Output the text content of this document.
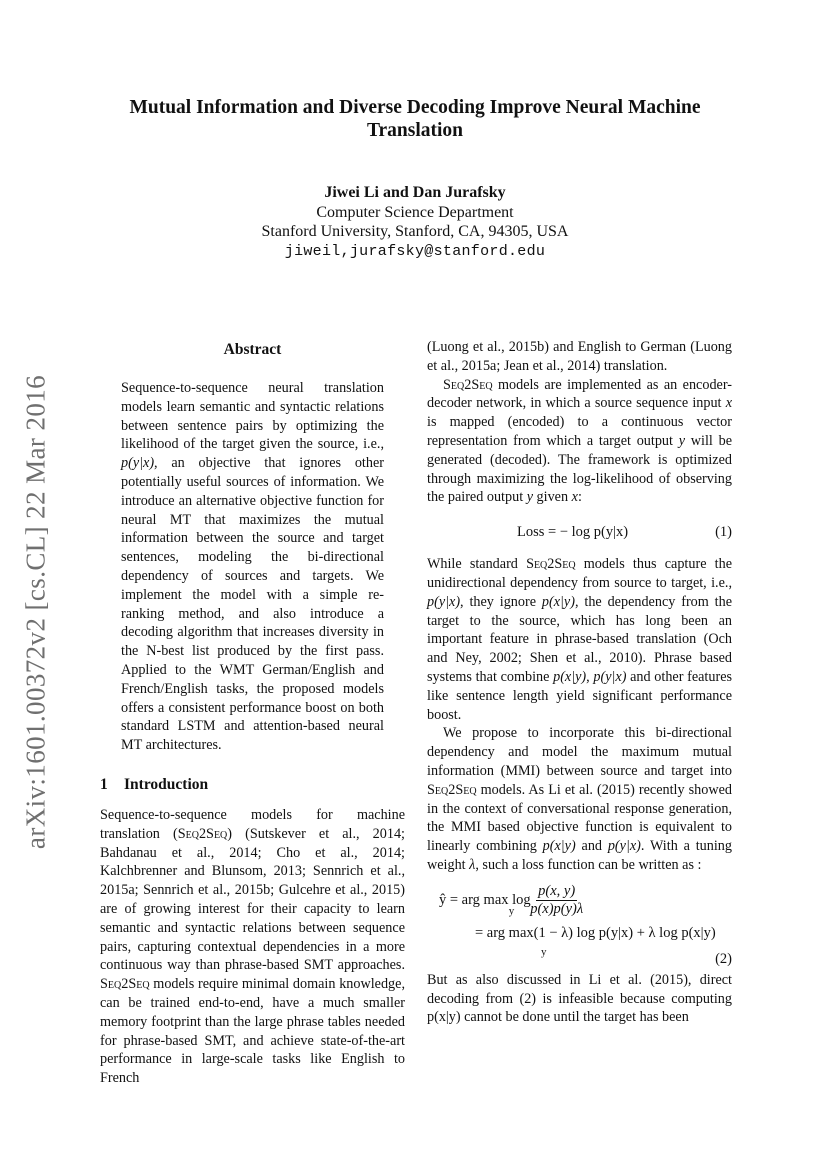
arXiv:1601.00372v2 [cs.CL] 22 Mar 2016
Mutual Information and Diverse Decoding Improve Neural Machine Translation
Jiwei Li and Dan Jurafsky
Computer Science Department
Stanford University, Stanford, CA, 94305, USA
jiweil,jurafsky@stanford.edu
Abstract

Sequence-to-sequence neural translation models learn semantic and syntactic relations between sentence pairs by optimizing the likelihood of the target given the source, i.e., p(y|x), an objective that ignores other potentially useful sources of information. We introduce an alternative objective function for neural MT that maximizes the mutual information between the source and target sentences, modeling the bi-directional dependency of sources and targets. We implement the model with a simple re-ranking method, and also introduce a decoding algorithm that increases diversity in the N-best list produced by the first pass. Applied to the WMT German/English and French/English tasks, the proposed models offers a consistent performance boost on both standard LSTM and attention-based neural MT architectures.

1 Introduction

Sequence-to-sequence models for machine translation (Seq2Seq) (Sutskever et al., 2014; Bahdanau et al., 2014; Cho et al., 2014; Kalchbrenner and Blunsom, 2013; Sennrich et al., 2015a; Sennrich et al., 2015b; Gulcehre et al., 2015) are of growing interest for their capacity to learn semantic and syntactic relations between sequence pairs, capturing contextual dependencies in a more continuous way than phrase-based SMT approaches. Seq2Seq models require minimal domain knowledge, can be trained end-to-end, have a much smaller memory footprint than the large phrase tables needed for phrase-based SMT, and achieve state-of-the-art performance in large-scale tasks like English to French

(Luong et al., 2015b) and English to German (Luong et al., 2015a; Jean et al., 2014) translation.

Seq2Seq models are implemented as an encoder-decoder network, in which a source sequence input x is mapped (encoded) to a continuous vector representation from which a target output y will be generated (decoded). The framework is optimized through maximizing the log-likelihood of observing the paired output y given x:

Loss = − log p(y|x)	(1)

While standard Seq2Seq models thus capture the unidirectional dependency from source to target, i.e., p(y|x), they ignore p(x|y), the dependency from the target to the source, which has long been an important feature in phrase-based translation (Och and Ney, 2002; Shen et al., 2010). Phrase based systems that combine p(x|y), p(y|x) and other features like sentence length yield significant performance boost.

We propose to incorporate this bi-directional dependency and model the maximum mutual information (MMI) between source and target into Seq2Seq models. As Li et al. (2015) recently showed in the context of conversational response generation, the MMI based objective function is equivalent to linearly combining p(x|y) and p(y|x). With a tuning weight λ, such a loss function can be written as :

ŷ = arg max log
y $\frac{p(x, y)}{p(x)p(y)\lambda}$
= arg max(1 − λ) log p(y|x) + λ log p(x|y)
y	(2)

But as also discussed in Li et al. (2015), direct decoding from (2) is infeasible because computing p(x|y) cannot be done until the target has been
